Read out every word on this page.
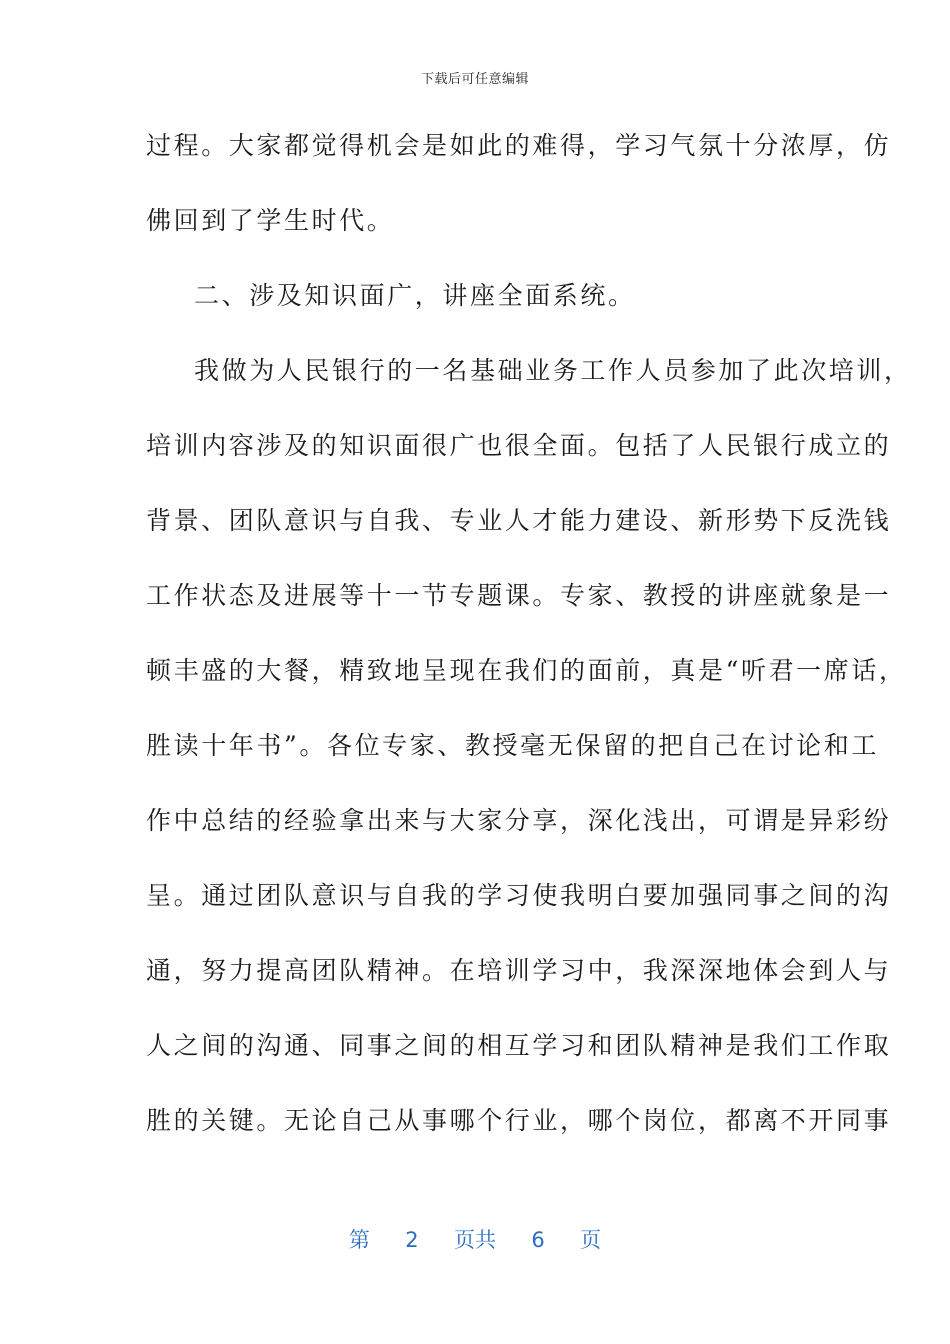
下载后可任意编辑
过程。大家都觉得机会是如此的难得，学习气氛十分浓厚，仿
佛回到了学生时代。
二、涉及知识面广，讲座全面系统。
我做为人民银行的一名基础业务工作人员参加了此次培训，
培训内容涉及的知识面很广也很全面。包括了人民银行成立的
背景、团队意识与自我、专业人才能力建设、新形势下反洗钱
工作状态及进展等十一节专题课。专家、教授的讲座就象是一
顿丰盛的大餐，精致地呈现在我们的面前，真是“听君一席话，
胜读十年书”。各位专家、教授毫无保留的把自己在讨论和工
作中总结的经验拿出来与大家分享，深化浅出，可谓是异彩纷
呈。通过团队意识与自我的学习使我明白要加强同事之间的沟
通，努力提高团队精神。在培训学习中，我深深地体会到人与
人之间的沟通、同事之间的相互学习和团队精神是我们工作取
胜的关键。无论自己从事哪个行业，哪个岗位，都离不开同事
第 2 页共 6 页
